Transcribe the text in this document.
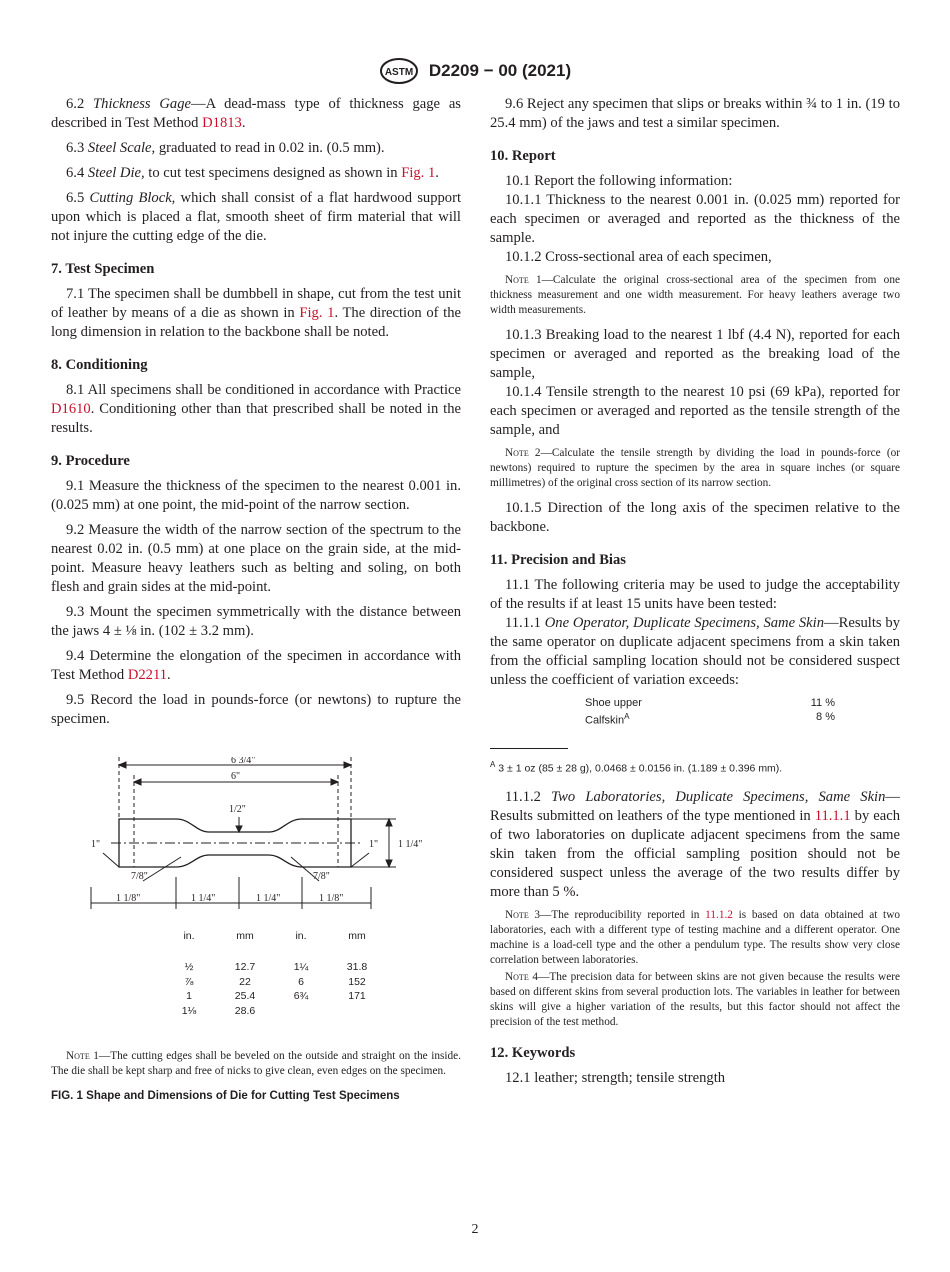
ASTM D2209 − 00 (2021)

6.2 Thickness Gage—A dead-mass type of thickness gage as described in Test Method D1813.

6.3 Steel Scale, graduated to read in 0.02 in. (0.5 mm).

6.4 Steel Die, to cut test specimens designed as shown in Fig. 1.

6.5 Cutting Block, which shall consist of a flat hardwood support upon which is placed a flat, smooth sheet of firm material that will not injure the cutting edge of the die.

7. Test Specimen

7.1 The specimen shall be dumbbell in shape, cut from the test unit of leather by means of a die as shown in Fig. 1. The direction of the long dimension in relation to the backbone shall be noted.

8. Conditioning

8.1 All specimens shall be conditioned in accordance with Practice D1610. Conditioning other than that prescribed shall be noted in the results.

9. Procedure

9.1 Measure the thickness of the specimen to the nearest 0.001 in. (0.025 mm) at one point, the mid-point of the narrow section.

9.2 Measure the width of the narrow section of the spectrum to the nearest 0.02 in. (0.5 mm) at one place on the grain side, at the mid-point. Measure heavy leathers such as belting and soling, on both flesh and grain sides at the mid-point.

9.3 Mount the specimen symmetrically with the distance between the jaws 4 ± ⅛ in. (102 ± 3.2 mm).

9.4 Determine the elongation of the specimen in accordance with Test Method D2211.

9.5 Record the load in pounds-force (or newtons) to rupture the specimen.

6 3/4"
6"
1/2"
1"	1"
7/8"	7/8"
1 1/4"
1 1/8"	1 1/4"	1 1/4"	1 1/8"
in.	mm	in.	mm
½	12.7	1¼	31.8
⅞	22	6	152
1	25.4	6¾	171
1⅛	28.6

Note 1—The cutting edges shall be beveled on the outside and straight on the inside. The die shall be kept sharp and free of nicks to give clean, even edges on the specimen.

FIG. 1 Shape and Dimensions of Die for Cutting Test Specimens

9.6 Reject any specimen that slips or breaks within ¾ to 1 in. (19 to 25.4 mm) of the jaws and test a similar specimen.

10. Report

10.1 Report the following information:

10.1.1 Thickness to the nearest 0.001 in. (0.025 mm) reported for each specimen or averaged and reported as the thickness of the sample.

10.1.2 Cross-sectional area of each specimen,

Note 1—Calculate the original cross-sectional area of the specimen from one thickness measurement and one width measurement. For heavy leathers average two width measurements.

10.1.3 Breaking load to the nearest 1 lbf (4.4 N), reported for each specimen or averaged and reported as the breaking load of the sample,

10.1.4 Tensile strength to the nearest 10 psi (69 kPa), reported for each specimen or averaged and reported as the tensile strength of the sample, and

Note 2—Calculate the tensile strength by dividing the load in pounds-force (or newtons) required to rupture the specimen by the area in square inches (or square millimetres) of the original cross section of its narrow section.

10.1.5 Direction of the long axis of the specimen relative to the backbone.

11. Precision and Bias

11.1 The following criteria may be used to judge the acceptability of the results if at least 15 units have been tested:

11.1.1 One Operator, Duplicate Specimens, Same Skin—Results by the same operator on duplicate adjacent specimens from a skin taken from the official sampling location should not be considered suspect unless the coefficient of variation exceeds:

Shoe upper	11 %
Calfskin$^A$	8 %

$^A$ 3 ± 1 oz (85 ± 28 g), 0.0468 ± 0.0156 in. (1.189 ± 0.396 mm).

11.1.2 Two Laboratories, Duplicate Specimens, Same Skin—Results submitted on leathers of the type mentioned in 11.1.1 by each of two laboratories on duplicate adjacent specimens from the same skin taken from the official sampling position should not be considered suspect unless the average of the two results differ by more than 5 %.

Note 3—The reproducibility reported in 11.1.2 is based on data obtained at two laboratories, each with a different type of testing machine and a different operator. One machine is a load-cell type and the other a pendulum type. The results show very close correlation between laboratories.

Note 4—The precision data for between skins are not given because the results were based on different skins from several production lots. The variables in leather for between skins will give a higher variation of the results, but this factor should not affect the precision of the test method.

12. Keywords

12.1 leather; strength; tensile strength

2
